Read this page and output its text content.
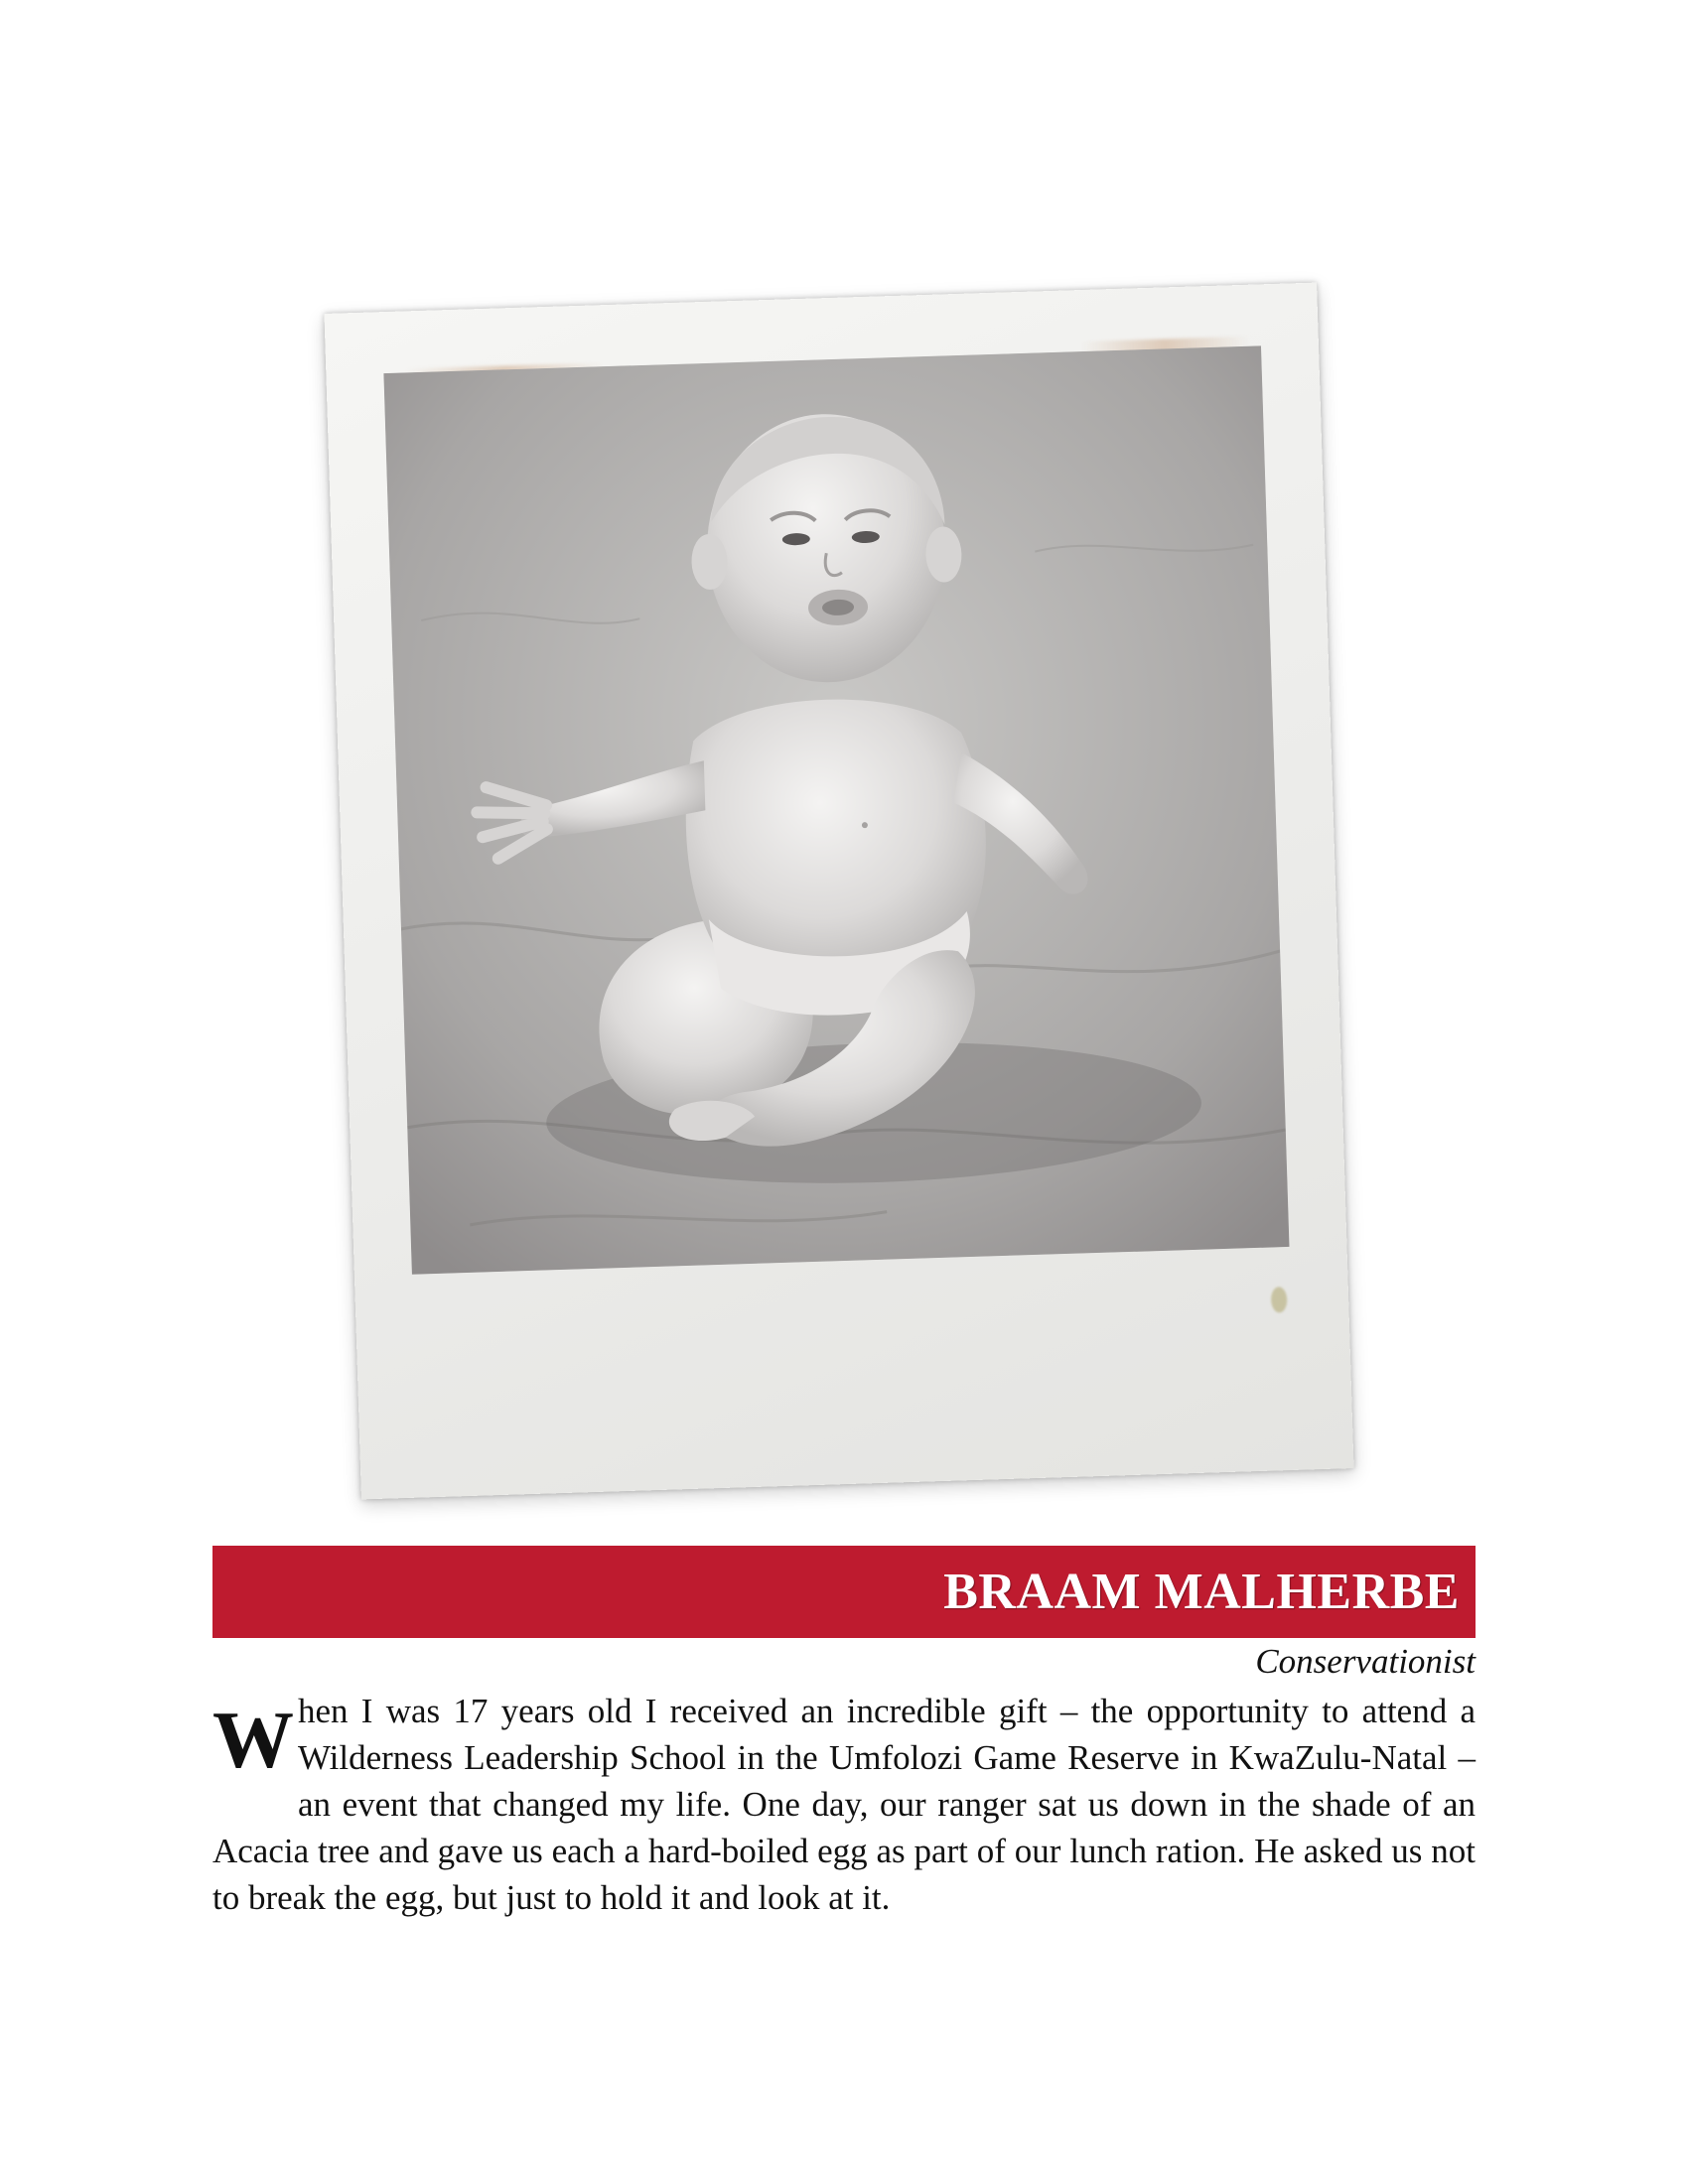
BRAAM MALHERBE
Conservationist

When I was 17 years old I received an incredible gift – the opportunity to attend a Wilderness Leadership School in the Umfolozi Game Reserve in KwaZulu-Natal – an event that changed my life. One day, our ranger sat us down in the shade of an Acacia tree and gave us each a hard-boiled egg as part of our lunch ration. He asked us not to break the egg, but just to hold it and look at it.
